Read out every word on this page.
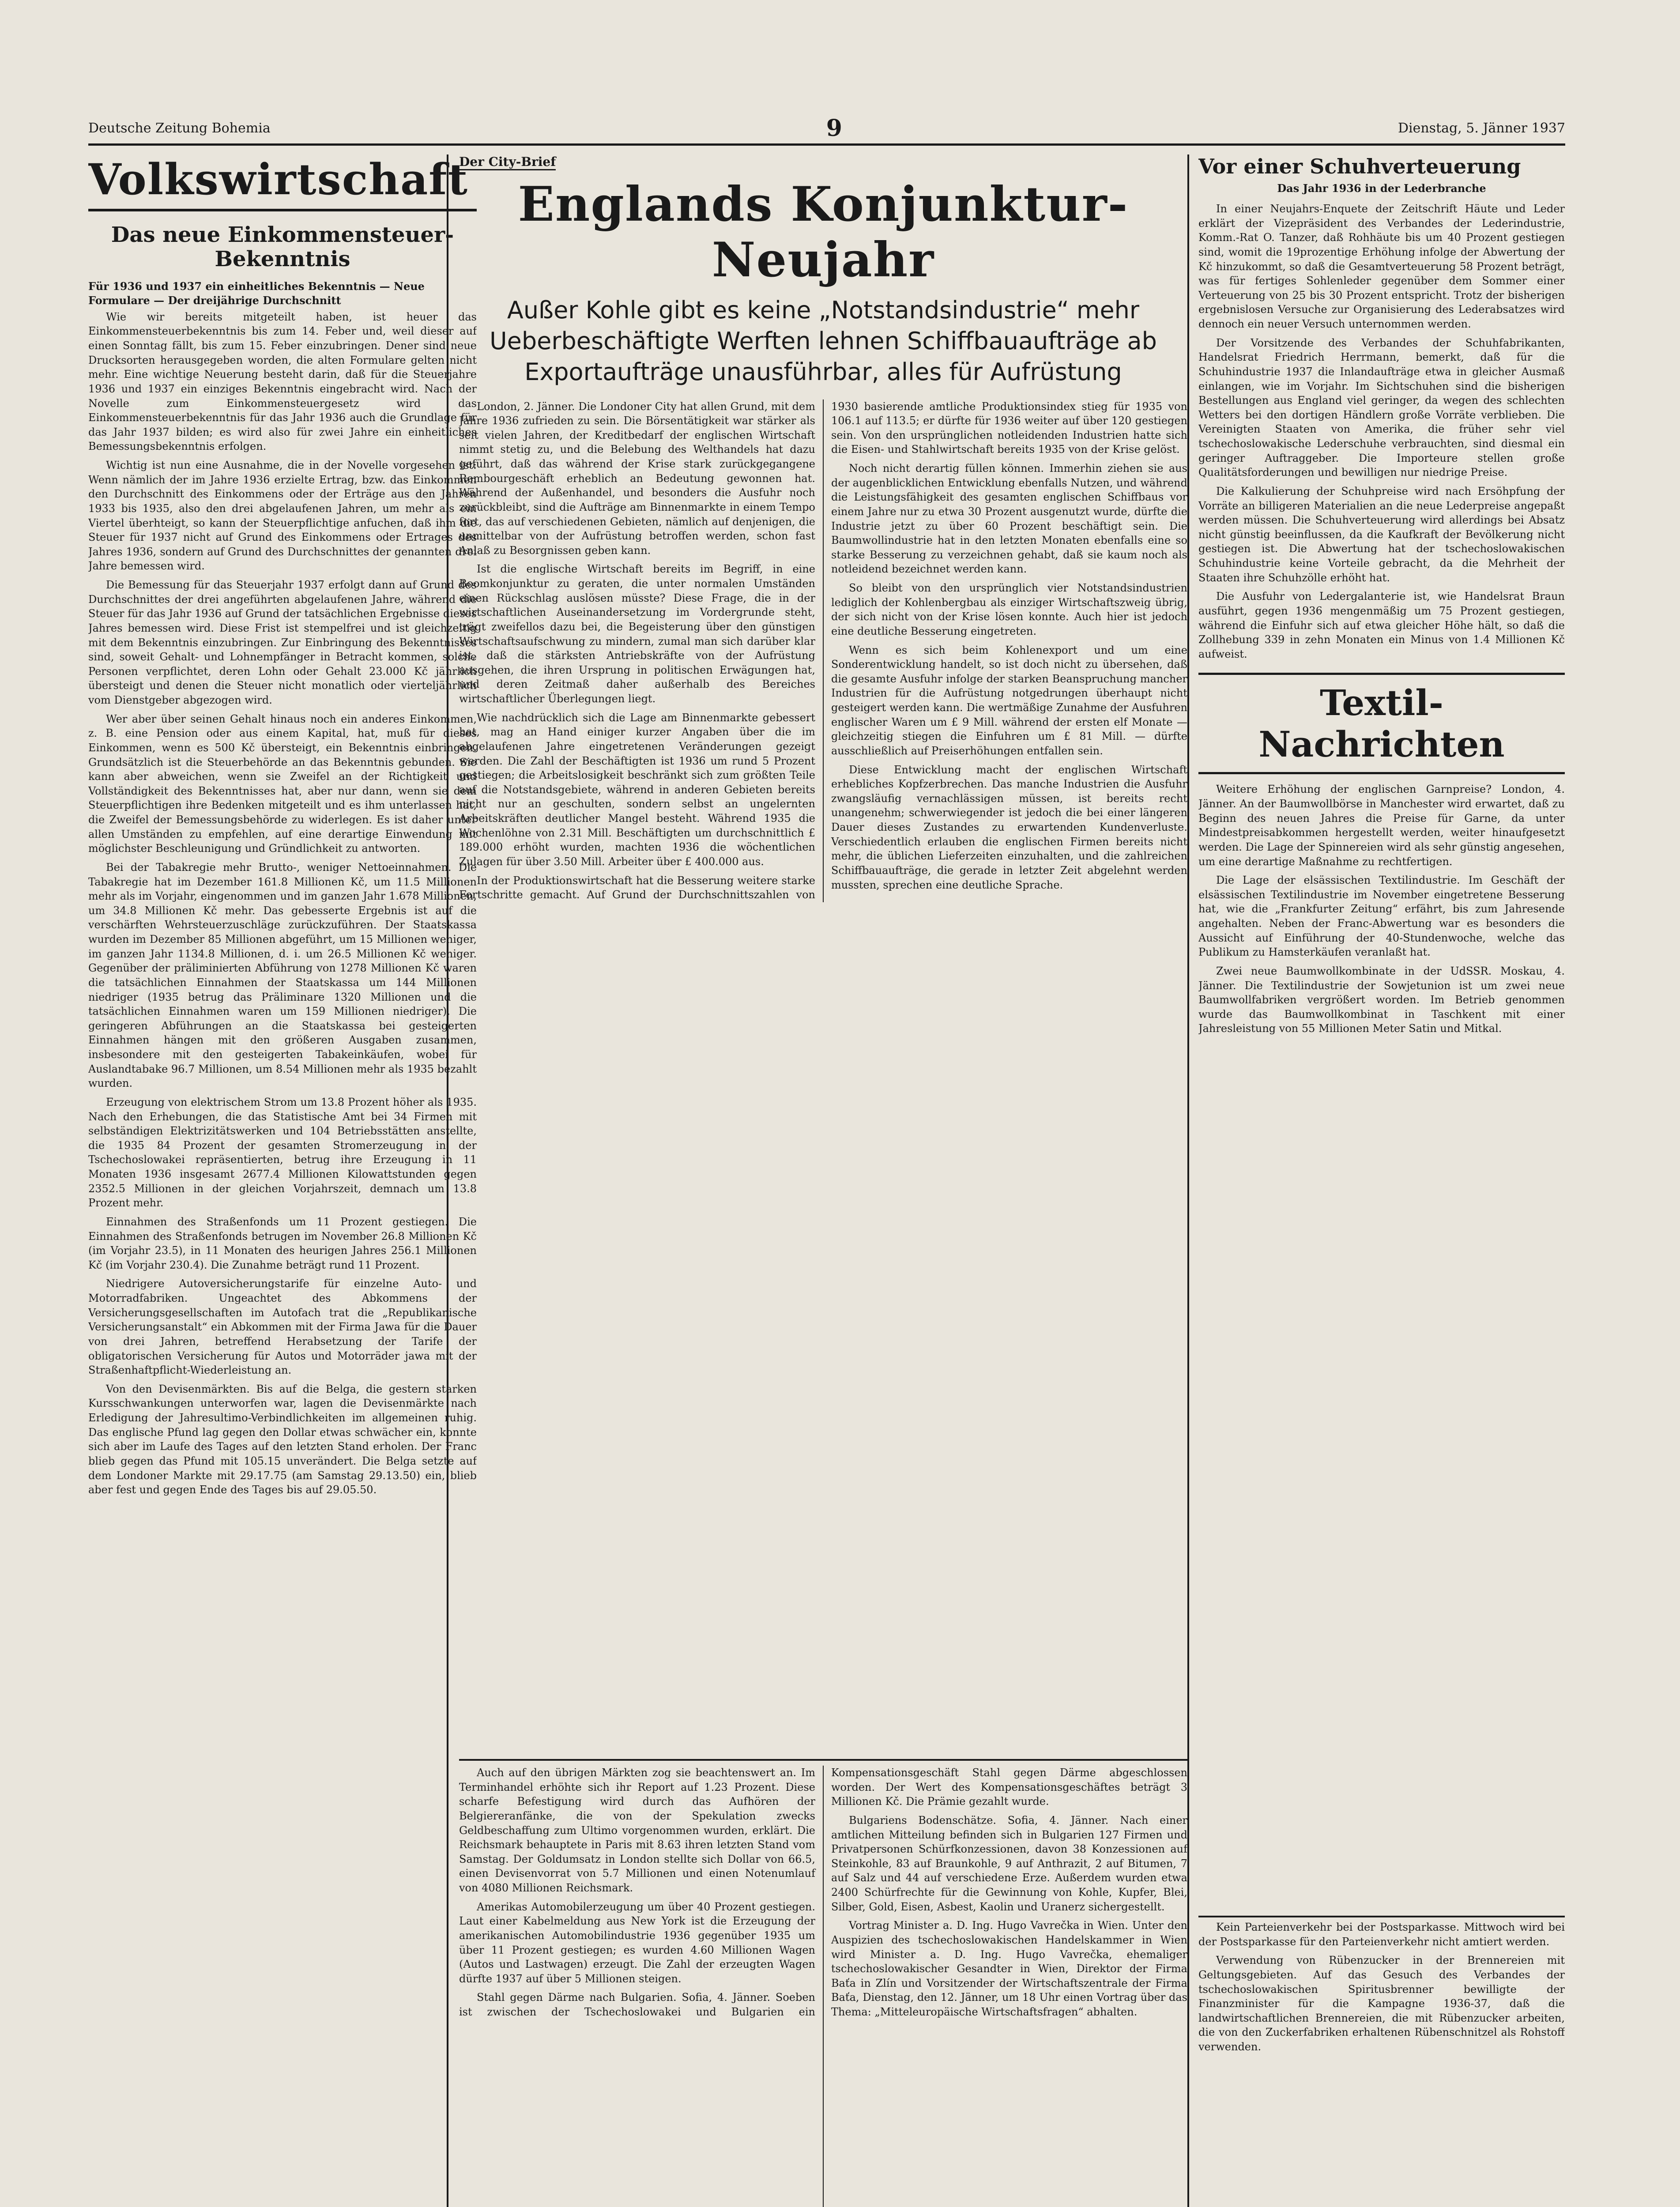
Deutsche Zeitung Bohemia	9	Dienstag, 5. Jänner 1937
Volkswirtschaft
Das neue Einkommensteuer-Bekenntnis
Für 1936 und 1937 ein einheitliches Bekenntnis — Neue Formulare — Der dreijährige Durchschnitt

Wie wir bereits mitgeteilt haben, ist heuer das Einkommensteuerbekenntnis bis zum 14. Feber und, weil dieser auf einen Sonntag fällt, bis zum 15. Feber einzubringen. Dener sind neue Drucksorten herausgegeben worden, die alten Formulare gelten nicht mehr. Eine wichtige Neuerung besteht darin, daß für die Steuerjahre 1936 und 1937 ein einziges Bekenntnis eingebracht wird. Nach der Novelle zum Einkommensteuergesetz wird das Einkommensteuerbekenntnis für das Jahr 1936 auch die Grundlage für das Jahr 1937 bilden; es wird also für zwei Jahre ein einheitliches Bemessungsbekenntnis erfolgen.

Wichtig ist nun eine Ausnahme, die in der Novelle vorgesehen ist: Wenn nämlich der im Jahre 1936 erzielte Ertrag, bzw. das Einkommen den Durchschnitt des Einkommens oder der Erträge aus den Jahren 1933 bis 1935, also den drei abgelaufenen Jahren, um mehr als ein Viertel überhteigt, so kann der Steuerpflichtige anfuchen, daß ihm die Steuer für 1937 nicht auf Grund des Einkommens oder Ertrages des Jahres 1936, sondern auf Grund des Durchschnittes der genannten drei Jahre bemessen wird.

Die Bemessung für das Steuerjahr 1937 erfolgt dann auf Grund des Durchschnittes der drei angeführten abgelaufenen Jahre, während die Steuer für das Jahr 1936 auf Grund der tatsächlichen Ergebnisse dieses Jahres bemessen wird. Diese Frist ist stempelfrei und ist gleichzeitig mit dem Bekenntnis einzubringen. Zur Einbringung des Bekenntnisses sind, soweit Gehalt- und Lohnempfänger in Betracht kommen, solche Personen verpflichtet, deren Lohn oder Gehalt 23.000 Kč jährlich übersteigt und denen die Steuer nicht monatlich oder vierteljährlich vom Dienstgeber abgezogen wird.

Wer aber über seinen Gehalt hinaus noch ein anderes Einkommen, z. B. eine Pension oder aus einem Kapital, hat, muß für dieses Einkommen, wenn es 500 Kč übersteigt, ein Bekenntnis einbringen. Grundsätzlich ist die Steuerbehörde an das Bekenntnis gebunden. Sie kann aber abweichen, wenn sie Zweifel an der Richtigkeit und Vollständigkeit des Bekenntnisses hat, aber nur dann, wenn sie dem Steuerpflichtigen ihre Bedenken mitgeteilt und es ihm unterlassen hat, die Zweifel der Bemessungsbehörde zu widerlegen. Es ist daher unter allen Umständen zu empfehlen, auf eine derartige Einwendung mit möglichster Beschleunigung und Gründlichkeit zu antworten.

Bei der Tabakregie mehr Brutto-, weniger Nettoeinnahmen. Die Tabakregie hat im Dezember 161.8 Millionen Kč, um 11.5 Millionen mehr als im Vorjahr, eingenommen und im ganzen Jahr 1.678 Millionen, um 34.8 Millionen Kč mehr. Das gebesserte Ergebnis ist auf die verschärften Wehrsteuerzuschläge zurückzuführen. Der Staatskassa wurden im Dezember 85 Millionen abgeführt, um 15 Millionen weniger, im ganzen Jahr 1134.8 Millionen, d. i. um 26.5 Millionen Kč weniger. Gegenüber der präliminierten Abführung von 1278 Millionen Kč waren die tatsächlichen Einnahmen der Staatskassa um 144 Millionen niedriger (1935 betrug das Präliminare 1320 Millionen und die tatsächlichen Einnahmen waren um 159 Millionen niedriger). Die geringeren Abführungen an die Staatskassa bei gesteigerten Einnahmen hängen mit den größeren Ausgaben zusammen, insbesondere mit den gesteigerten Tabakeinkäufen, wobei für Auslandtabake 96.7 Millionen, um 8.54 Millionen mehr als 1935 bezahlt wurden.

Erzeugung von elektrischem Strom um 13.8 Prozent höher als 1935. Nach den Erhebungen, die das Statistische Amt bei 34 Firmen mit selbständigen Elektrizitätswerken und 104 Betriebsstätten anstellte, die 1935 84 Prozent der gesamten Stromerzeugung in der Tschechoslowakei repräsentierten, betrug ihre Erzeugung in 11 Monaten 1936 insgesamt 2677.4 Millionen Kilowattstunden gegen 2352.5 Millionen in der gleichen Vorjahrszeit, demnach um 13.8 Prozent mehr.

Einnahmen des Straßenfonds um 11 Prozent gestiegen. Die Einnahmen des Straßenfonds betrugen im November 26.8 Millionen Kč (im Vorjahr 23.5), in 11 Monaten des heurigen Jahres 256.1 Millionen Kč (im Vorjahr 230.4). Die Zunahme beträgt rund 11 Prozent.

Niedrigere Autoversicherungstarife für einzelne Auto- und Motorradfabriken. Ungeachtet des Abkommens der Versicherungsgesellschaften im Autofach trat die „Republikanische Versicherungsanstalt“ ein Abkommen mit der Firma Jawa für die Dauer von drei Jahren, betreffend Herabsetzung der Tarife der obligatorischen Versicherung für Autos und Motorräder jawa mit der Straßenhaftpflicht-Wiederleistung an.

Von den Devisenmärkten. Bis auf die Belga, die gestern starken Kursschwankungen unterworfen war, lagen die Devisenmärkte nach Erledigung der Jahresultimo-Verbindlichkeiten im allgemeinen ruhig. Das englische Pfund lag gegen den Dollar etwas schwächer ein, konnte sich aber im Laufe des Tages auf den letzten Stand erholen. Der Franc blieb gegen das Pfund mit 105.15 unverändert. Die Belga setzte auf dem Londoner Markte mit 29.17.75 (am Samstag 29.13.50) ein, blieb aber fest und gegen Ende des Tages bis auf 29.05.50.

Der City-Brief
Englands Konjunktur-Neujahr
Außer Kohle gibt es keine „Notstandsindustrie“ mehr Ueberbeschäftigte Werften lehnen Schiffbauaufträge ab Exportaufträge unausführbar, alles für Aufrüstung

London, 2. Jänner. Die Londoner City hat allen Grund, mit dem Jahre 1936 zufrieden zu sein. Die Börsentätigkeit war stärker als seit vielen Jahren, der Kreditbedarf der englischen Wirtschaft nimmt stetig zu, und die Belebung des Welthandels hat dazu geführt, daß das während der Krise stark zurückgegangene Rembourgeschäft erheblich an Bedeutung gewonnen hat. Während der Außenhandel, und besonders die Ausfuhr noch zurückbleibt, sind die Aufträge am Binnenmarkte in einem Tempo fort, das auf verschiedenen Gebieten, nämlich auf denjenigen, die unmittelbar von der Aufrüstung betroffen werden, schon fast Anlaß zu Besorgnissen geben kann.

Ist die englische Wirtschaft bereits im Begriff, in eine Boomkonjunktur zu geraten, die unter normalen Umständen einen Rückschlag auslösen müsste? Diese Frage, die in der wirtschaftlichen Auseinandersetzung im Vordergrunde steht, trägt zweifellos dazu bei, die Begeisterung über den günstigen Wirtschaftsaufschwung zu mindern, zumal man sich darüber klar ist, daß die stärksten Antriebskräfte von der Aufrüstung ausgehen, die ihren Ursprung in politischen Erwägungen hat, und deren Zeitmaß daher außerhalb des Bereiches wirtschaftlicher Überlegungen liegt.

Wie nachdrücklich sich die Lage am Binnenmarkte gebessert hat, mag an Hand einiger kurzer Angaben über die im abgelaufenen Jahre eingetretenen Veränderungen gezeigt werden. Die Zahl der Beschäftigten ist 1936 um rund 5 Prozent gestiegen; die Arbeitslosigkeit beschränkt sich zum größten Teile auf die Notstandsgebiete, während in anderen Gebieten bereits nicht nur an geschulten, sondern selbst an ungelernten Arbeitskräften deutlicher Mangel besteht. Während 1935 die Wochenlöhne von 2.31 Mill. Beschäftigten um durchschnittlich £ 189.000 erhöht wurden, machten 1936 die wöchentlichen Zulagen für über 3.50 Mill. Arbeiter über £ 400.000 aus.

In der Produktionswirtschaft hat die Besserung weitere starke Fortschritte gemacht. Auf Grund der Durchschnittszahlen von 1930 basierende amtliche Produktionsindex stieg für 1935 von 106.1 auf 113.5; er dürfte für 1936 weiter auf über 120 gestiegen sein. Von den ursprünglichen notleidenden Industrien hatte sich die Eisen- und Stahlwirtschaft bereits 1935 von der Krise gelöst.

Noch nicht derartig füllen können. Immerhin ziehen sie aus der augenblicklichen Entwicklung ebenfalls Nutzen, und während die Leistungsfähigkeit des gesamten englischen Schiffbaus vor einem Jahre nur zu etwa 30 Prozent ausgenutzt wurde, dürfte die Industrie jetzt zu über 60 Prozent beschäftigt sein. Die Baumwollindustrie hat in den letzten Monaten ebenfalls eine so starke Besserung zu verzeichnen gehabt, daß sie kaum noch als notleidend bezeichnet werden kann.

So bleibt von den ursprünglich vier Notstandsindustrien lediglich der Kohlenbergbau als einziger Wirtschaftszweig übrig, der sich nicht von der Krise lösen konnte. Auch hier ist jedoch eine deutliche Besserung eingetreten.

Wenn es sich beim Kohlenexport und um eine Sonderentwicklung handelt, so ist doch nicht zu übersehen, daß die gesamte Ausfuhr infolge der starken Beanspruchung mancher Industrien für die Aufrüstung notgedrungen überhaupt nicht gesteigert werden kann. Die wertmäßige Zunahme der Ausfuhren englischer Waren um £ 9 Mill. während der ersten elf Monate — gleichzeitig stiegen die Einfuhren um £ 81 Mill. — dürfte ausschließlich auf Preiserhöhungen entfallen sein.

Diese Entwicklung macht der englischen Wirtschaft erhebliches Kopfzerbrechen. Das manche Industrien die Ausfuhr zwangsläufig vernachlässigen müssen, ist bereits recht unangenehm; schwerwiegender ist jedoch die bei einer längeren Dauer dieses Zustandes zu erwartenden Kundenverluste. Verschiedentlich erlauben die englischen Firmen bereits nicht mehr, die üblichen Lieferzeiten einzuhalten, und die zahlreichen Schiffbauaufträge, die gerade in letzter Zeit abgelehnt werden mussten, sprechen eine deutliche Sprache.

Auch auf den übrigen Märkten zog sie beachtenswert an. Im Terminhandel erhöhte sich ihr Report auf 1.23 Prozent. Diese scharfe Befestigung wird durch das Aufhören der Belgiereranfänke, die von der Spekulation zwecks Geldbeschaffung zum Ultimo vorgenommen wurden, erklärt. Die Reichsmark behauptete in Paris mit 8.63 ihren letzten Stand vom Samstag. Der Goldumsatz in London stellte sich Dollar von 66.5, einen Devisenvorrat von 5.7 Millionen und einen Notenumlauf von 4080 Millionen Reichsmark.

Amerikas Automobilerzeugung um über 40 Prozent gestiegen. Laut einer Kabelmeldung aus New York ist die Erzeugung der amerikanischen Automobilindustrie 1936 gegenüber 1935 um über 11 Prozent gestiegen; es wurden 4.60 Millionen Wagen (Autos und Lastwagen) erzeugt. Die Zahl der erzeugten Wagen dürfte 1937 auf über 5 Millionen steigen.

Stahl gegen Därme nach Bulgarien. Sofia, 4. Jänner. Soeben ist zwischen der Tschechoslowakei und Bulgarien ein Kompensationsgeschäft Stahl gegen Därme abgeschlossen worden. Der Wert des Kompensationsgeschäftes beträgt 3 Millionen Kč. Die Prämie gezahlt wurde.

Bulgariens Bodenschätze. Sofia, 4. Jänner. Nach einer amtlichen Mitteilung befinden sich in Bulgarien 127 Firmen und Privatpersonen Schürfkonzessionen, davon 38 Konzessionen auf Steinkohle, 83 auf Braunkohle, 9 auf Anthrazit, 2 auf Bitumen, 7 auf Salz und 44 auf verschiedene Erze. Außerdem wurden etwa 2400 Schürfrechte für die Gewinnung von Kohle, Kupfer, Blei, Silber, Gold, Eisen, Asbest, Kaolin und Uranerz sichergestellt.

Vortrag Minister a. D. Ing. Hugo Vavrečka in Wien. Unter den Auspizien des tschechoslowakischen Handelskammer in Wien wird Minister a. D. Ing. Hugo Vavrečka, ehemaliger tschechoslowakischer Gesandter in Wien, Direktor der Firma Baťa in Zlín und Vorsitzender der Wirtschaftszentrale der Firma Baťa, Dienstag, den 12. Jänner, um 18 Uhr einen Vortrag über das Thema: „Mitteleuropäische Wirtschaftsfragen“ abhalten.

Vor einer Schuhverteuerung
Das Jahr 1936 in der Lederbranche

In einer Neujahrs-Enquete der Zeitschrift Häute und Leder erklärt der Vizepräsident des Verbandes der Lederindustrie, Komm.-Rat O. Tanzer, daß Rohhäute bis um 40 Prozent gestiegen sind, womit die 19prozentige Erhöhung infolge der Abwertung der Kč hinzukommt, so daß die Gesamtverteuerung 58 Prozent beträgt, was für fertiges Sohlenleder gegenüber dem Sommer einer Verteuerung von 25 bis 30 Prozent entspricht. Trotz der bisherigen ergebnislosen Versuche zur Organisierung des Lederabsatzes wird dennoch ein neuer Versuch unternommen werden.

Der Vorsitzende des Verbandes der Schuhfabrikanten, Handelsrat Friedrich Herrmann, bemerkt, daß für die Schuhindustrie 1937 die Inlandaufträge etwa in gleicher Ausmaß einlangen, wie im Vorjahr. Im Sichtschuhen sind die bisherigen Bestellungen aus England viel geringer, da wegen des schlechten Wetters bei den dortigen Händlern große Vorräte verblieben. Die Vereinigten Staaten von Amerika, die früher sehr viel tschechoslowakische Lederschuhe verbrauchten, sind diesmal ein geringer Auftraggeber. Die Importeure stellen große Qualitätsforderungen und bewilligen nur niedrige Preise.

Die Kalkulierung der Schuhpreise wird nach Ersöhpfung der Vorräte an billigeren Materialien an die neue Lederpreise angepaßt werden müssen. Die Schuhverteuerung wird allerdings bei Absatz nicht günstig beeinflussen, da die Kaufkraft der Bevölkerung nicht gestiegen ist. Die Abwertung hat der tschechoslowakischen Schuhindustrie keine Vorteile gebracht, da die Mehrheit der Staaten ihre Schuhzölle erhöht hat.

Die Ausfuhr von Ledergalanterie ist, wie Handelsrat Braun ausführt, gegen 1936 mengenmäßig um 75 Prozent gestiegen, während die Einfuhr sich auf etwa gleicher Höhe hält, so daß die Zollhebung 339 in zehn Monaten ein Minus von 1.4 Millionen Kč aufweist.

Textil-Nachrichten

Weitere Erhöhung der englischen Garnpreise? London, 4. Jänner. An der Baumwollbörse in Manchester wird erwartet, daß zu Beginn des neuen Jahres die Preise für Garne, da unter Mindestpreisabkommen hergestellt werden, weiter hinaufgesetzt werden. Die Lage der Spinnereien wird als sehr günstig angesehen, um eine derartige Maßnahme zu rechtfertigen.

Die Lage der elsässischen Textilindustrie. Im Geschäft der elsässischen Textilindustrie im November eingetretene Besserung hat, wie die „Frankfurter Zeitung“ erfährt, bis zum Jahresende angehalten. Neben der Franc-Abwertung war es besonders die Aussicht auf Einführung der 40-Stundenwoche, welche das Publikum zu Hamsterkäufen veranlaßt hat.

Zwei neue Baumwollkombinate in der UdSSR. Moskau, 4. Jänner. Die Textilindustrie der Sowjetunion ist um zwei neue Baumwollfabriken vergrößert worden. Im Betrieb genommen wurde das Baumwollkombinat in Taschkent mit einer Jahresleistung von 55 Millionen Meter Satin und Mitkal.

Kein Parteienverkehr bei der Postsparkasse. Mittwoch wird bei der Postsparkasse für den Parteienverkehr nicht amtiert werden.

Verwendung von Rübenzucker in der Brennereien mit Geltungsgebieten. Auf das Gesuch des Verbandes der tschechoslowakischen Spiritusbrenner bewilligte der Finanzminister für die Kampagne 1936-37, daß die landwirtschaftlichen Brennereien, die mit Rübenzucker arbeiten, die von den Zuckerfabriken erhaltenen Rübenschnitzel als Rohstoff verwenden.
